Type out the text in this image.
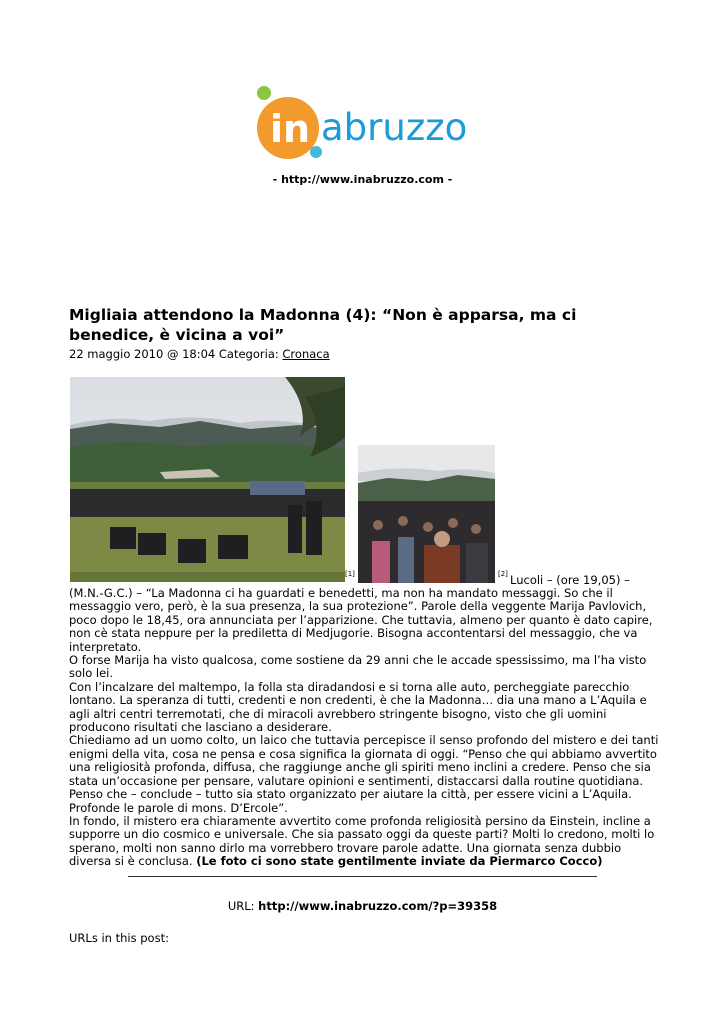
in abruzzo
- http://www.inabruzzo.com -
Migliaia attendono la Madonna (4): “Non è apparsa, ma ci benedice, è vicina a voi”
22 maggio 2010 @ 18:04 Categoria: Cronaca
[1]	[2] Lucoli – (ore 19,05) –

(M.N.-G.C.) – “La Madonna ci ha guardati e benedetti, ma non ha mandato messaggi. So che il messaggio vero, però, è la sua presenza, la sua protezione”. Parole della veggente Marija Pavlovich, poco dopo le 18,45, ora annunciata per l’apparizione. Che tuttavia, almeno per quanto è dato capire, non cè stata neppure per la prediletta di Medjugorie. Bisogna accontentarsi del messaggio, che va interpretato.

O forse Marija ha visto qualcosa, come sostiene da 29 anni che le accade spessissimo, ma l’ha visto solo lei.

Con l’incalzare del maltempo, la folla sta diradandosi e si torna alle auto, percheggiate parecchio lontano. La speranza di tutti, credenti e non credenti, è che la Madonna… dia una mano a L’Aquila e agli altri centri terremotati, che di miracoli avrebbero stringente bisogno, visto che gli uomini producono risultati che lasciano a desiderare.

Chiediamo ad un uomo colto, un laico che tuttavia percepisce il senso profondo del mistero e dei tanti enigmi della vita, cosa ne pensa e cosa significa la giornata di oggi. “Penso che qui abbiamo avvertito una religiosità profonda, diffusa, che raggiunge anche gli spiriti meno inclini a credere. Penso che sia stata un’occasione per pensare, valutare opinioni e sentimenti, distaccarsi dalla routine quotidiana. Penso che – conclude – tutto sia stato organizzato per aiutare la città, per essere vicini a L’Aquila. Profonde le parole di mons. D’Ercole”.

In fondo, il mistero era chiaramente avvertito come profonda religiosità persino da Einstein, incline a supporre un dio cosmico e universale. Che sia passato oggi da queste parti? Molti lo credono, molti lo sperano, molti non sanno dirlo ma vorrebbero trovare parole adatte. Una giornata senza dubbio diversa si è conclusa. (Le foto ci sono state gentilmente inviate da Piermarco Cocco)

URL: http://www.inabruzzo.com/?p=39358
URLs in this post:
